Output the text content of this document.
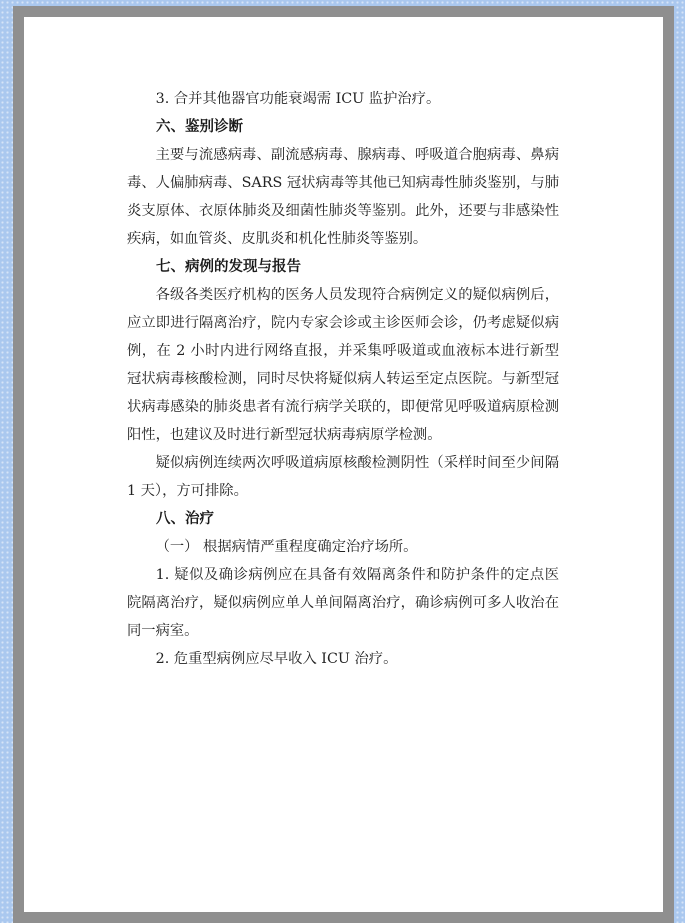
3. 合并其他器官功能衰竭需 ICU 监护治疗。

六、鉴别诊断

主要与流感病毒、副流感病毒、腺病毒、呼吸道合胞病毒、鼻病毒、人偏肺病毒、SARS 冠状病毒等其他已知病毒性肺炎鉴别，与肺炎支原体、衣原体肺炎及细菌性肺炎等鉴别。此外，还要与非感染性疾病，如血管炎、皮肌炎和机化性肺炎等鉴别。

七、病例的发现与报告

各级各类医疗机构的医务人员发现符合病例定义的疑似病例后，应立即进行隔离治疗，院内专家会诊或主诊医师会诊，仍考虑疑似病例，在 2 小时内进行网络直报，并采集呼吸道或血液标本进行新型冠状病毒核酸检测，同时尽快将疑似病人转运至定点医院。与新型冠状病毒感染的肺炎患者有流行病学关联的，即便常见呼吸道病原检测阳性，也建议及时进行新型冠状病毒病原学检测。

疑似病例连续两次呼吸道病原核酸检测阴性（采样时间至少间隔 1 天），方可排除。

八、治疗

（一） 根据病情严重程度确定治疗场所。

1. 疑似及确诊病例应在具备有效隔离条件和防护条件的定点医院隔离治疗，疑似病例应单人单间隔离治疗，确诊病例可多人收治在同一病室。

2. 危重型病例应尽早收入 ICU 治疗。
